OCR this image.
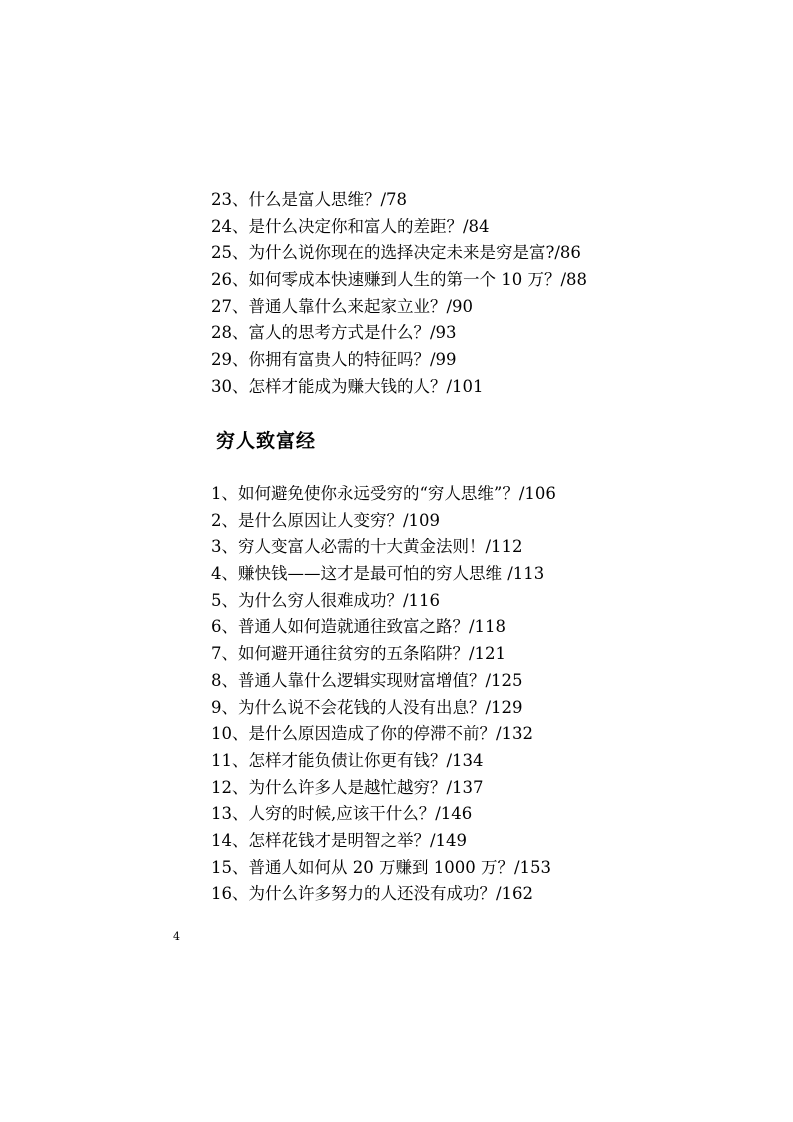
23、什么是富人思维？/78
24、是什么决定你和富人的差距？/84
25、为什么说你现在的选择决定未来是穷是富?/86
26、如何零成本快速赚到人生的第一个 10 万？/88
27、普通人靠什么来起家立业？/90
28、富人的思考方式是什么？/93
29、你拥有富贵人的特征吗？/99
30、怎样才能成为赚大钱的人？/101
穷人致富经
1、如何避免使你永远受穷的“穷人思维”？/106
2、是什么原因让人变穷？/109
3、穷人变富人必需的十大黄金法则！/112
4、赚快钱——这才是最可怕的穷人思维 /113
5、为什么穷人很难成功？/116
6、普通人如何造就通往致富之路？/118
7、如何避开通往贫穷的五条陷阱？/121
8、普通人靠什么逻辑实现财富增值？/125
9、为什么说不会花钱的人没有出息？/129
10、是什么原因造成了你的停滞不前？/132
11、怎样才能负债让你更有钱？/134
12、为什么许多人是越忙越穷？/137
13、人穷的时候,应该干什么？/146
14、怎样花钱才是明智之举？/149
15、普通人如何从 20 万赚到 1000 万？/153
16、为什么许多努力的人还没有成功？/162
4
